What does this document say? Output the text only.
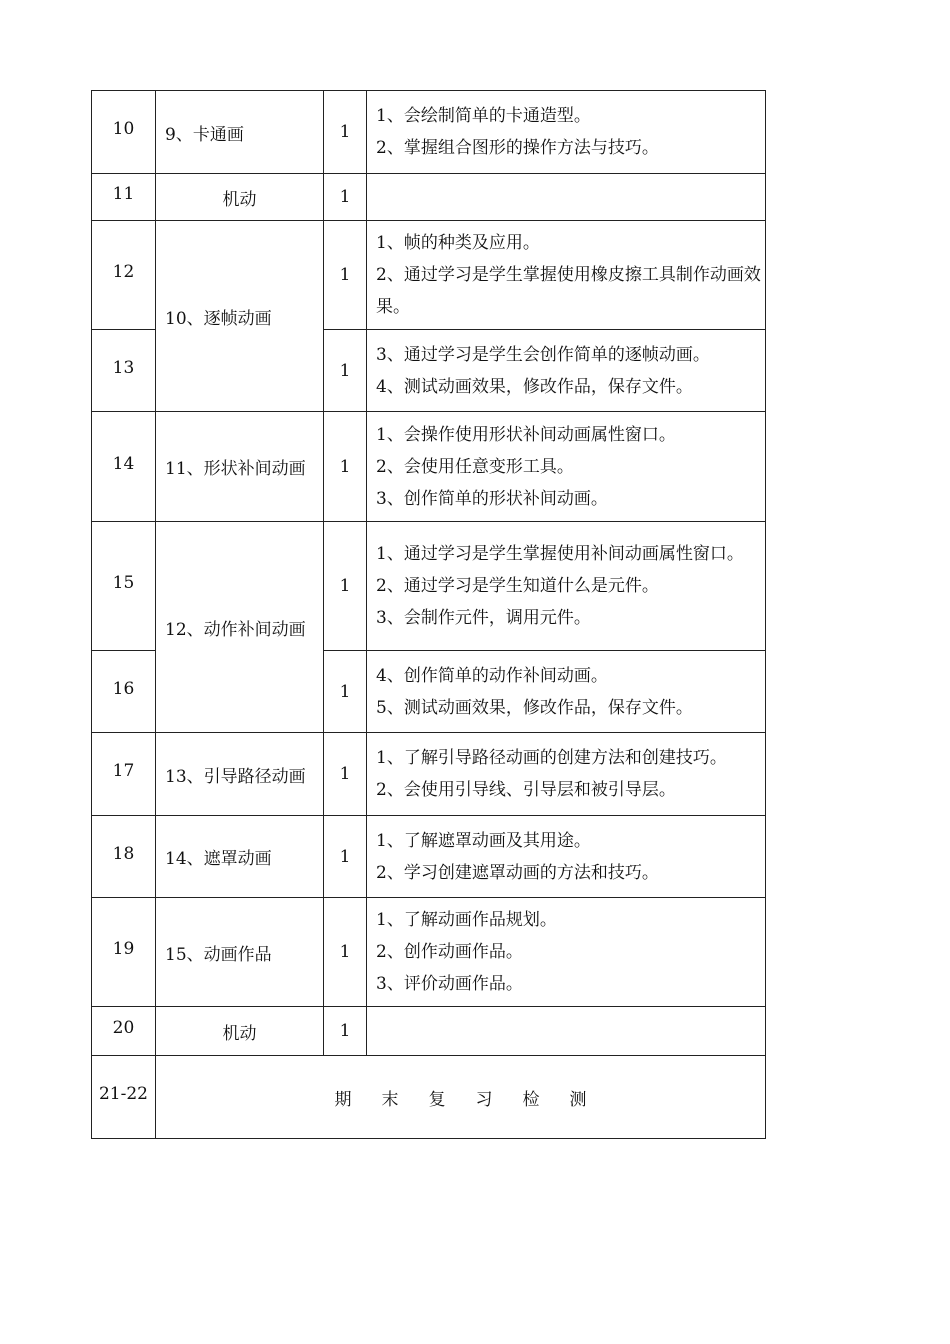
10	9、卡通画	1	1、会绘制简单的卡通造型。
2、掌握组合图形的操作方法与技巧。

11	机动	1	
12	10、逐帧动画	1	1、帧的种类及应用。
2、通过学习是学生掌握使用橡皮擦工具制作动画效果。

13		1	3、通过学习是学生会创作简单的逐帧动画。
4、测试动画效果，修改作品，保存文件。

14	11、形状补间动画	1	1、会操作使用形状补间动画属性窗口。
2、会使用任意变形工具。
3、创作简单的形状补间动画。

15	12、动作补间动画	1	1、通过学习是学生掌握使用补间动画属性窗口。
2、通过学习是学生知道什么是元件。
3、会制作元件，调用元件。

16		1	4、创作简单的动作补间动画。
5、测试动画效果，修改作品，保存文件。

17	13、引导路径动画	1	1、了解引导路径动画的创建方法和创建技巧。
2、会使用引导线、引导层和被引导层。

18	14、遮罩动画	1	1、了解遮罩动画及其用途。
2、学习创建遮罩动画的方法和技巧。

19	15、动画作品	1	1、了解动画作品规划。
2、创作动画作品。
3、评价动画作品。

20	机动	1	
21-22	期末复习检测		
